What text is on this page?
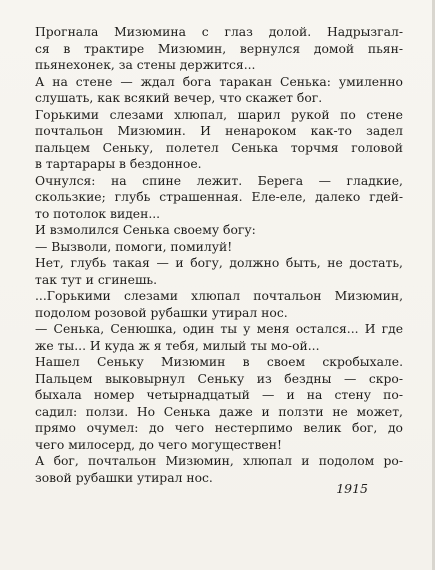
Прогнала Мизюмина с глаз долой. Надрызгал-
ся в трактире Мизюмин, вернулся домой пьян-
пьянехонек, за стены держится...
А на стене — ждал бога таракан Сенька: умиленно
слушать, как всякий вечер, что скажет бог.
Горькими слезами хлюпал, шарил рукой по стене
почтальон Мизюмин. И ненароком как-то задел
пальцем Сеньку, полетел Сенька торчмя головой
в тартарары в бездонное.
Очнулся: на спине лежит. Берега — гладкие,
скользкие; глубь страшенная. Еле-еле, далеко гдей-
то потолок виден...
И взмолился Сенька своему богу:
— Вызволи, помоги, помилуй!
Нет, глубь такая — и богу, должно быть, не достать,
так тут и сгинешь.
...Горькими слезами хлюпал почтальон Мизюмин,
подолом розовой рубашки утирал нос.
— Сенька, Сенюшка, один ты у меня остался... И где
же ты... И куда ж я тебя, милый ты мо-ой...
Нашел Сеньку Мизюмин в своем скробыхале.
Пальцем выковырнул Сеньку из бездны — скро-
быхала номер четырнадцатый — и на стену по-
садил: ползи. Но Сенька даже и ползти не может,
прямо очумел: до чего нестерпимо велик бог, до
чего милосерд, до чего могуществен!
А бог, почтальон Мизюмин, хлюпал и подолом ро-
зовой рубашки утирал нос.
1915
